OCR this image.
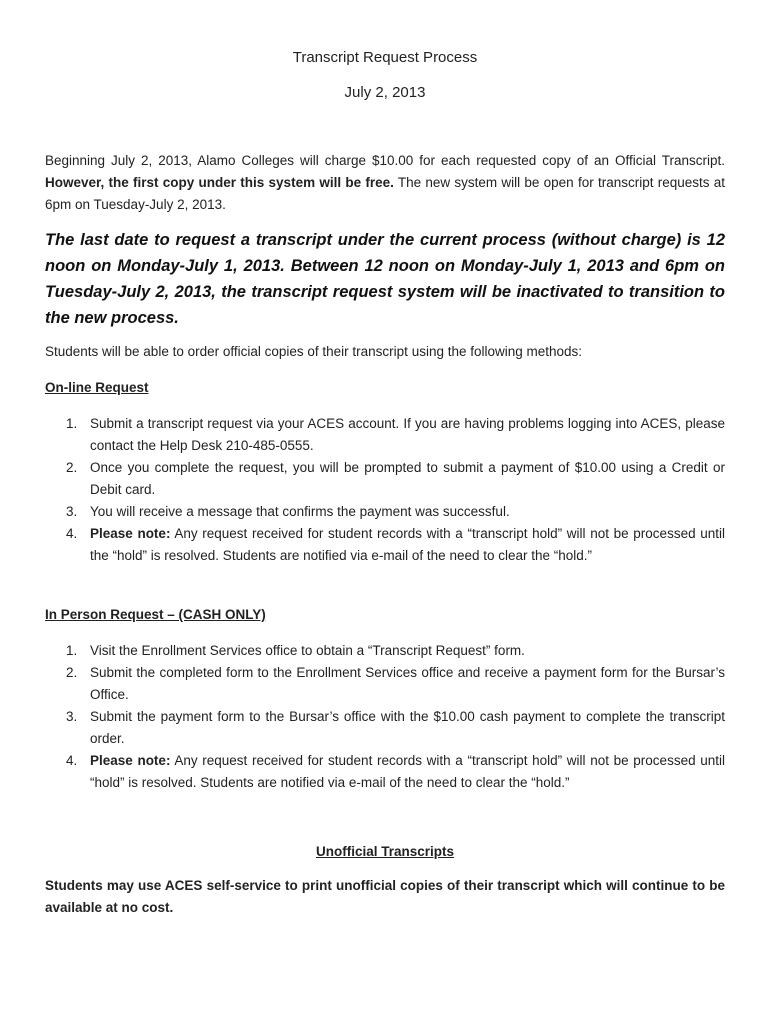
Transcript Request Process
July 2, 2013

Beginning July 2, 2013, Alamo Colleges will charge $10.00 for each requested copy of an Official Transcript. However, the first copy under this system will be free. The new system will be open for transcript requests at 6pm on Tuesday-July 2, 2013.

The last date to request a transcript under the current process (without charge) is 12 noon on Monday-July 1, 2013. Between 12 noon on Monday-July 1, 2013 and 6pm on Tuesday-July 2, 2013, the transcript request system will be inactivated to transition to the new process.

Students will be able to order official copies of their transcript using the following methods:

On-line Request
1. Submit a transcript request via your ACES account. If you are having problems logging into ACES, please contact the Help Desk 210-485-0555.
2. Once you complete the request, you will be prompted to submit a payment of $10.00 using a Credit or Debit card.
3. You will receive a message that confirms the payment was successful.
4. Please note: Any request received for student records with a “transcript hold” will not be processed until the “hold” is resolved. Students are notified via e-mail of the need to clear the “hold.”
In Person Request – (CASH ONLY)
1. Visit the Enrollment Services office to obtain a “Transcript Request” form.
2. Submit the completed form to the Enrollment Services office and receive a payment form for the Bursar’s Office.
3. Submit the payment form to the Bursar’s office with the $10.00 cash payment to complete the transcript order.
4. Please note: Any request received for student records with a “transcript hold” will not be processed until “hold” is resolved. Students are notified via e-mail of the need to clear the “hold.”
Unofficial Transcripts

Students may use ACES self-service to print unofficial copies of their transcript which will continue to be available at no cost.
